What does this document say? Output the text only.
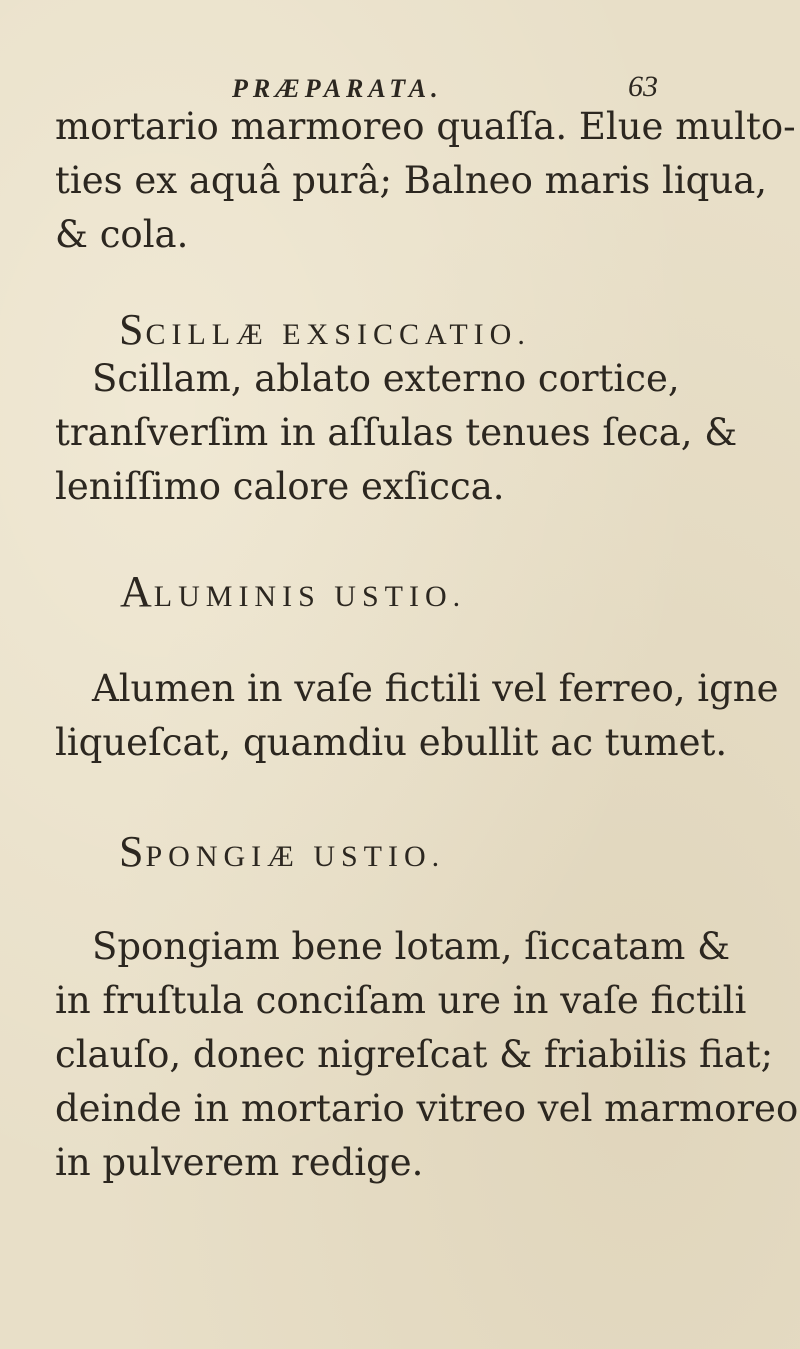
PRÆPARATA.	63

mortario marmoreo quaſſa. Elue multo-
ties ex aquâ purâ; Balneo maris liqua,
& cola.

SCILLÆ EXSICCATIO.

Scillam, ablato externo cortice,
tranſverſim in aſſulas tenues ſeca, &
leniſſimo calore exſicca.

ALUMINIS USTIO.

Alumen in vaſe fictili vel ferreo, igne
liqueſcat, quamdiu ebullit ac tumet.

SPONGIÆ USTIO.

Spongiam bene lotam, ſiccatam &
in fruſtula conciſam ure in vaſe fictili
clauſo, donec nigreſcat & friabilis fiat;
deinde in mortario vitreo vel marmoreo
in pulverem redige.
